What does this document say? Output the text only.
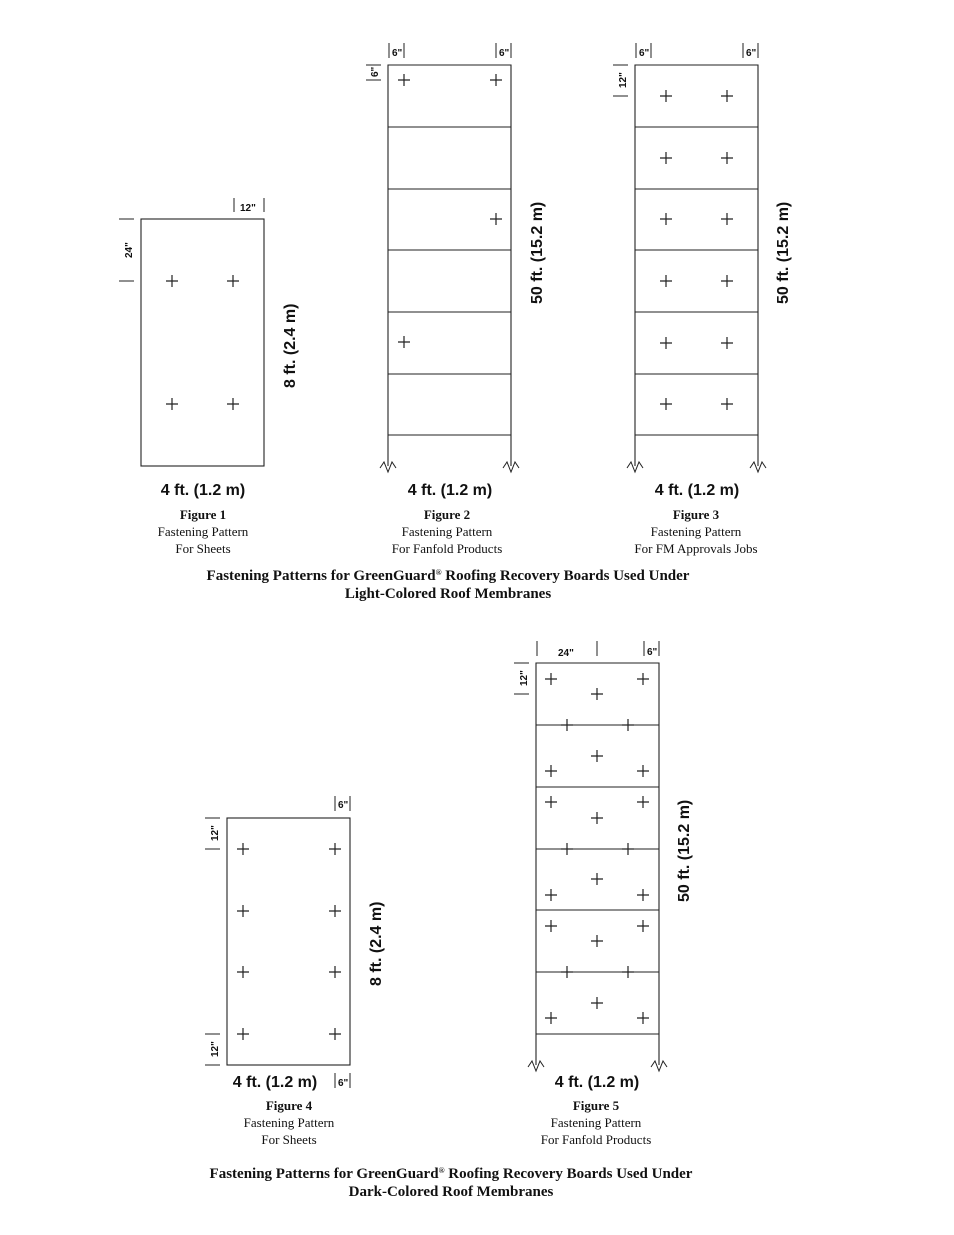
12"
24"
8 ft. (2.4 m)
4 ft. (1.2 m)
Figure 1
Fastening Pattern
For Sheets
6"	6"
6"
50 ft. (15.2 m)
4 ft. (1.2 m)
Figure 2
Fastening Pattern
For Fanfold Products
6"	6"
12"
50 ft. (15.2 m)
4 ft. (1.2 m)
Figure 3
Fastening Pattern
For FM Approvals Jobs
Fastening Patterns for GreenGuard® Roofing Recovery Boards Used Under
Light-Colored Roof Membranes
6"
12"
12"
8 ft. (2.4 m)
4 ft. (1.2 m) 6"
Figure 4
Fastening Pattern
For Sheets
24"	6"
12"
50 ft. (15.2 m)
4 ft. (1.2 m)
Figure 5
Fastening Pattern
For Fanfold Products
Fastening Patterns for GreenGuard® Roofing Recovery Boards Used Under
Dark-Colored Roof Membranes
